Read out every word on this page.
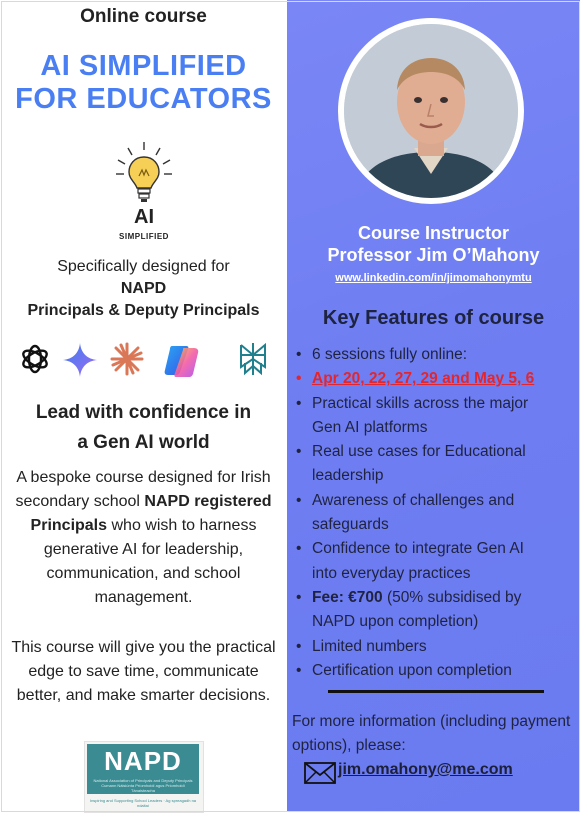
Online course
AI SIMPLIFIED
FOR EDUCATORS
AI
SIMPLIFIED
Specifically designed for
NAPD
Principals & Deputy Principals
Lead with confidence in
a Gen AI world
A bespoke course designed for Irish secondary school NAPD registered Principals who wish to harness generative AI for leadership, communication, and school management.
This course will give you the practical edge to save time, communicate better, and make smarter decisions.
NAPD
National Association of Principals and Deputy Principals Cumann Náisiúnta Príomhoidí agus Príomhoidí Tánaisteacha
Inspiring and Supporting School Leaders · Ag spreagadh na ndaltaí
Course Instructor
Professor Jim O’Mahony
www.linkedin.com/in/jimomahonymtu
Key Features of course
• 6 sessions fully online:
• Apr 20, 22, 27, 29 and May 5, 6
• Practical skills across the major
Gen AI platforms
• Real use cases for Educational
leadership
• Awareness of challenges and
safeguards
• Confidence to integrate Gen AI
into everyday practices
• Fee: €700 (50% subsidised by
NAPD upon completion)
• Limited numbers
• Certification upon completion
For more information (including payment options), please:
jim.omahony@me.com
